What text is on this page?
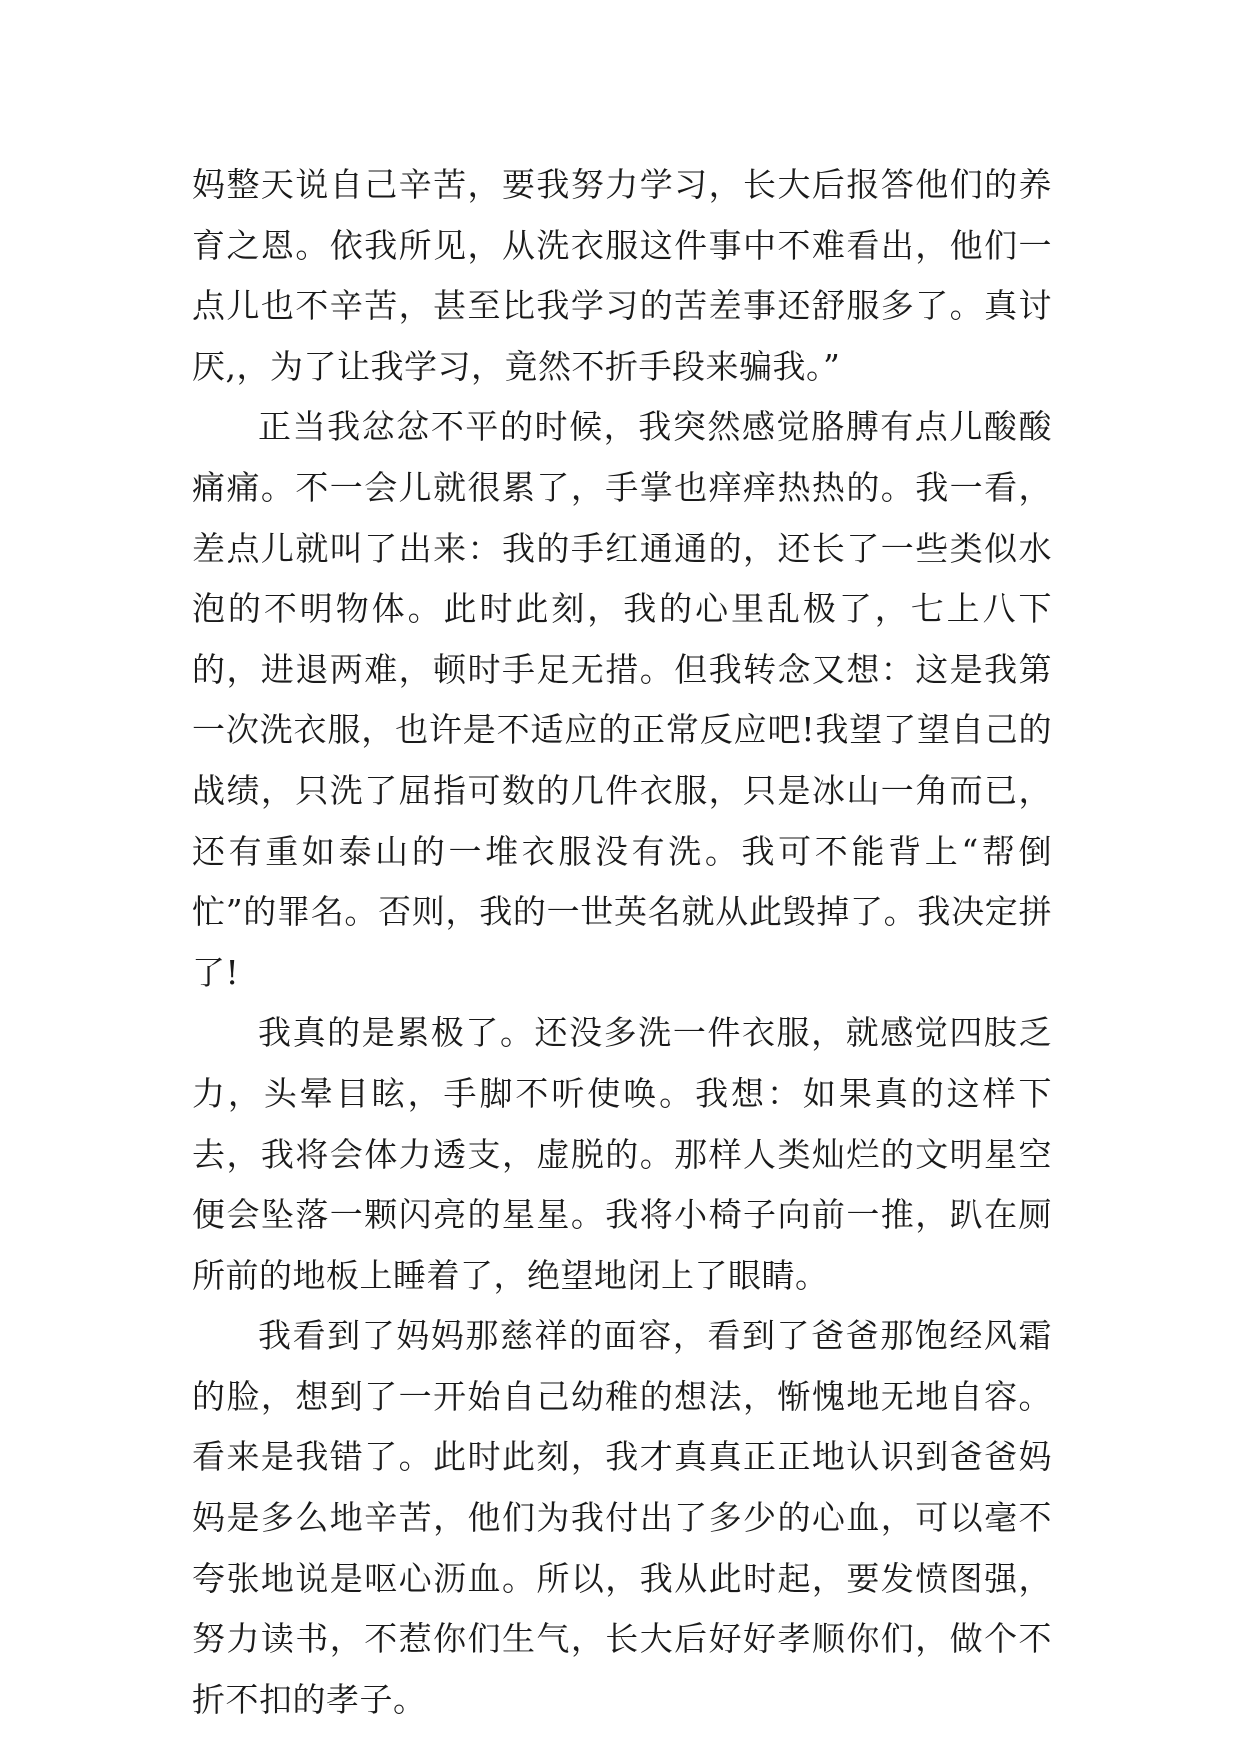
妈整天说自己辛苦，要我努力学习，长大后报答他们的养育之恩。依我所见，从洗衣服这件事中不难看出，他们一点儿也不辛苦，甚至比我学习的苦差事还舒服多了。真讨厌,，为了让我学习，竟然不折手段来骗我。”

正当我忿忿不平的时候，我突然感觉胳膊有点儿酸酸痛痛。不一会儿就很累了，手掌也痒痒热热的。我一看，差点儿就叫了出来：我的手红通通的，还长了一些类似水泡的不明物体。此时此刻，我的心里乱极了，七上八下的，进退两难，顿时手足无措。但我转念又想：这是我第一次洗衣服，也许是不适应的正常反应吧!我望了望自己的战绩，只洗了屈指可数的几件衣服，只是冰山一角而已，还有重如泰山的一堆衣服没有洗。我可不能背上“帮倒忙”的罪名。否则，我的一世英名就从此毁掉了。我决定拼了!

我真的是累极了。还没多洗一件衣服，就感觉四肢乏力，头晕目眩，手脚不听使唤。我想：如果真的这样下去，我将会体力透支，虚脱的。那样人类灿烂的文明星空便会坠落一颗闪亮的星星。我将小椅子向前一推，趴在厕所前的地板上睡着了，绝望地闭上了眼睛。

我看到了妈妈那慈祥的面容，看到了爸爸那饱经风霜的脸，想到了一开始自己幼稚的想法，惭愧地无地自容。看来是我错了。此时此刻，我才真真正正地认识到爸爸妈妈是多么地辛苦，他们为我付出了多少的心血，可以毫不夸张地说是呕心沥血。所以，我从此时起，要发愤图强，努力读书，不惹你们生气，长大后好好孝顺你们，做个不折不扣的孝子。
